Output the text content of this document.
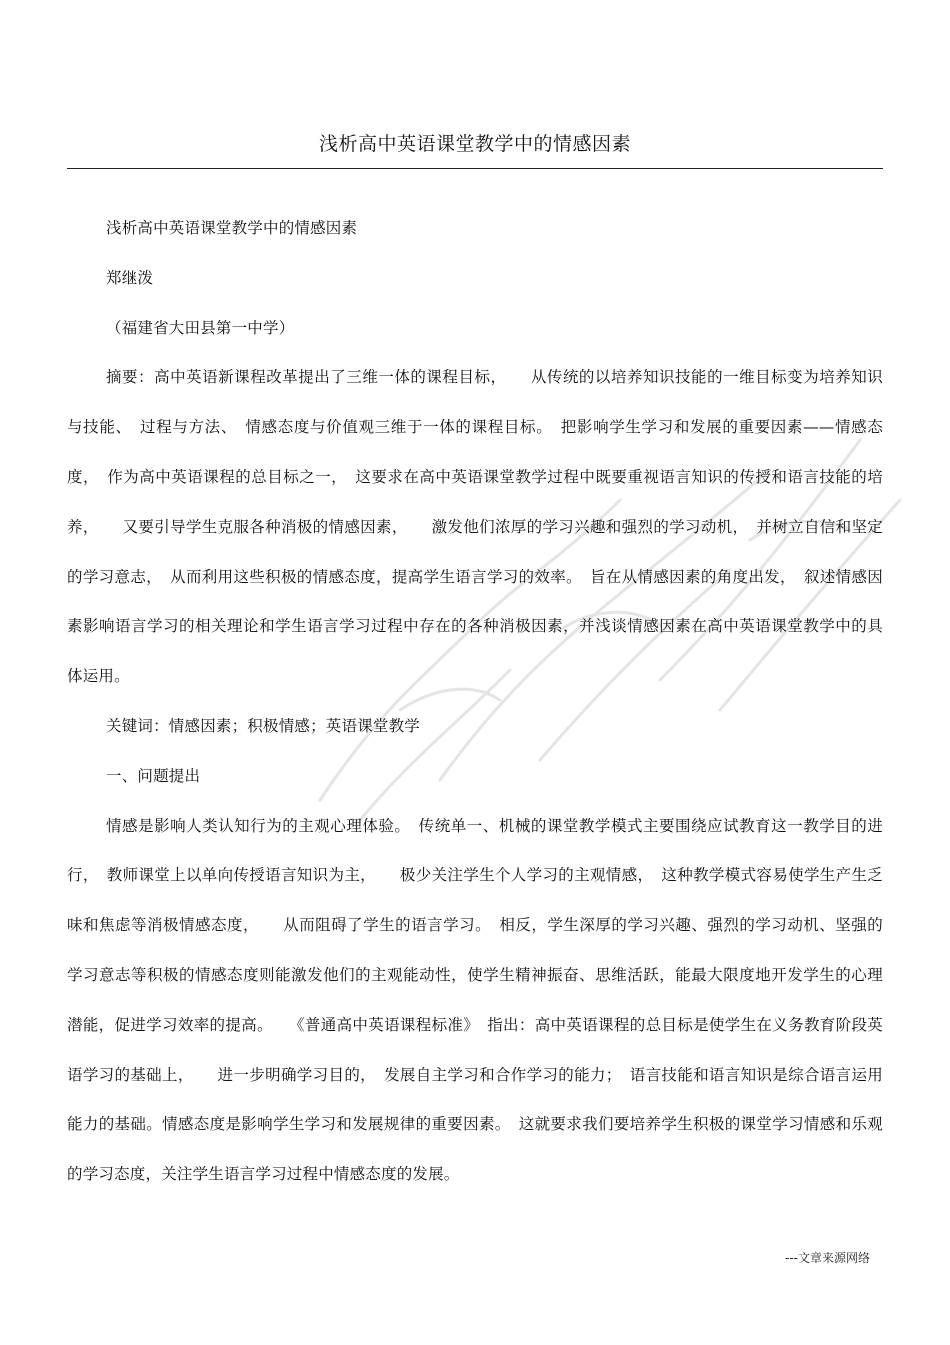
浅析高中英语课堂教学中的情感因素

浅析高中英语课堂教学中的情感因素

郑继泼

（福建省大田县第一中学）

摘要：高中英语新课程改革提出了三维一体的课程目标，　　从传统的以培养知识技能的一维目标变为培养知识与技能、　过程与方法、　情感态度与价值观三维于一体的课程目标。　把影响学生学习和发展的重要因素——情感态度，　作为高中英语课程的总目标之一，　这要求在高中英语课堂教学过程中既要重视语言知识的传授和语言技能的培养，　　又要引导学生克服各种消极的情感因素，　　激发他们浓厚的学习兴趣和强烈的学习动机，　并树立自信和坚定的学习意志，　从而利用这些积极的情感态度，提高学生语言学习的效率。　旨在从情感因素的角度出发，　叙述情感因素影响语言学习的相关理论和学生语言学习过程中存在的各种消极因素，并浅谈情感因素在高中英语课堂教学中的具体运用。

关键词：情感因素；积极情感；英语课堂教学

一、问题提出

情感是影响人类认知行为的主观心理体验。　传统单一、机械的课堂教学模式主要围绕应试教育这一教学目的进行，　教师课堂上以单向传授语言知识为主，　　极少关注学生个人学习的主观情感，　这种教学模式容易使学生产生乏味和焦虑等消极情感态度，　　从而阻碍了学生的语言学习。　相反，学生深厚的学习兴趣、强烈的学习动机、坚强的学习意志等积极的情感态度则能激发他们的主观能动性，使学生精神振奋、思维活跃，能最大限度地开发学生的心理潜能，促进学习效率的提高。　　《普通高中英语课程标准》　指出：高中英语课程的总目标是使学生在义务教育阶段英语学习的基础上，　　进一步明确学习目的，　发展自主学习和合作学习的能力；　语言技能和语言知识是综合语言运用能力的基础。情感态度是影响学生学习和发展规律的重要因素。　这就要求我们要培养学生积极的课堂学习情感和乐观的学习态度，关注学生语言学习过程中情感态度的发展。

---文章来源网络
